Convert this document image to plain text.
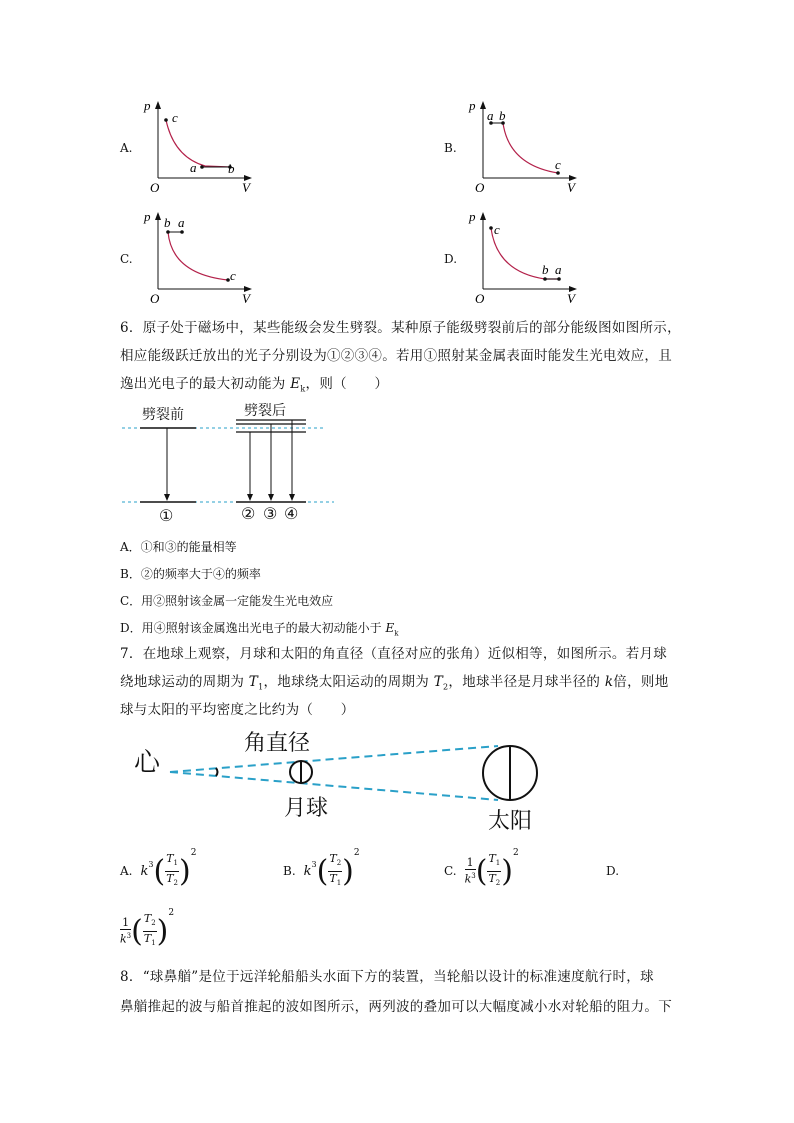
A.
p
c
a b
O	V
B.
p
a b
c
O	V
C.
p b a
c
O	V
D.
p
c
b a
O	V
6．原子处于磁场中，某些能级会发生劈裂。某种原子能级劈裂前后的部分能级图如图所示，
相应能级跃迁放出的光子分别设为①②③④。若用①照射某金属表面时能发生光电效应，且
逸出光电子的最大初动能为 $E_k$，则（　　）
劈裂前	劈裂后
①	② ③ ④
A．①和③的能量相等
B．②的频率大于④的频率
C．用②照射该金属一定能发生光电效应
D．用④照射该金属逸出光电子的最大初动能小于 $E_k$
7．在地球上观察，月球和太阳的角直径（直径对应的张角）近似相等，如图所示。若月球
绕地球运动的周期为 $T_1$，地球绕太阳运动的周期为 $T_2$，地球半径是月球半径的 k倍，则地
球与太阳的平均密度之比约为（　　）
心
角直径
月球
太阳
A. $k^3$ ( $T_1$
$T_2$ )
$^2$
B. $k^3$ ( $T_2$
$T_1$ )
$^2$
C.
1
$k^3$ ( $T_1$
$T_2$ )
$^2$
D.
1
$k^3$ ( $T_2$
$T_1$ )
$^2$
8．“球鼻艏”是位于远洋轮船船头水面下方的装置，当轮船以设计的标准速度航行时，球
鼻艏推起的波与船首推起的波如图所示，两列波的叠加可以大幅度减小水对轮船的阻力。下
